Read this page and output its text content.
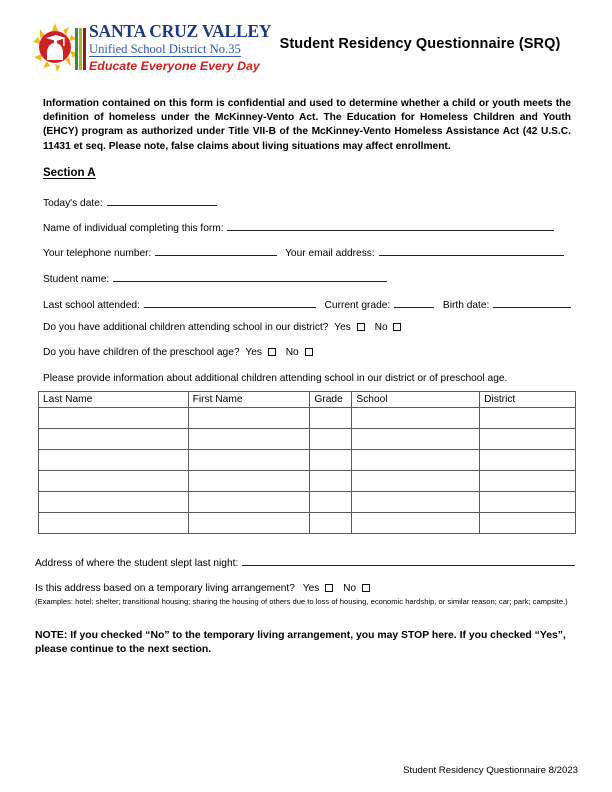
SANTA CRUZ VALLEY
Unified School District No.35
Educate Everyone Every Day
Student Residency Questionnaire (SRQ)
Information contained on this form is confidential and used to determine whether a child or youth meets the definition of homeless under the McKinney-Vento Act. The Education for Homeless Children and Youth (EHCY) program as authorized under Title VII-B of the McKinney-Vento Homeless Assistance Act (42 U.S.C. 11431 et seq. Please note, false claims about living situations may affect enrollment.
Section A
Today's date:
Name of individual completing this form:
Your telephone number:	Your email address:
Student name:
Last school attended:	Current grade:	Birth date:
Do you have additional children attending school in our district? Yes No
Do you have children of the preschool age? Yes No
Please provide information about additional children attending school in our district or of preschool age.
Last Name	First Name	Grade	School	District

Address of where the student slept last night:
Is this address based on a temporary living arrangement? Yes No
(Examples: hotel; shelter; transitional housing; sharing the housing of others due to loss of housing, economic hardship, or similar reason; car; park; campsite.)
NOTE: If you checked “No” to the temporary living arrangement, you may STOP here. If you checked “Yes”, please continue to the next section.
Student Residency Questionnaire 8/2023
